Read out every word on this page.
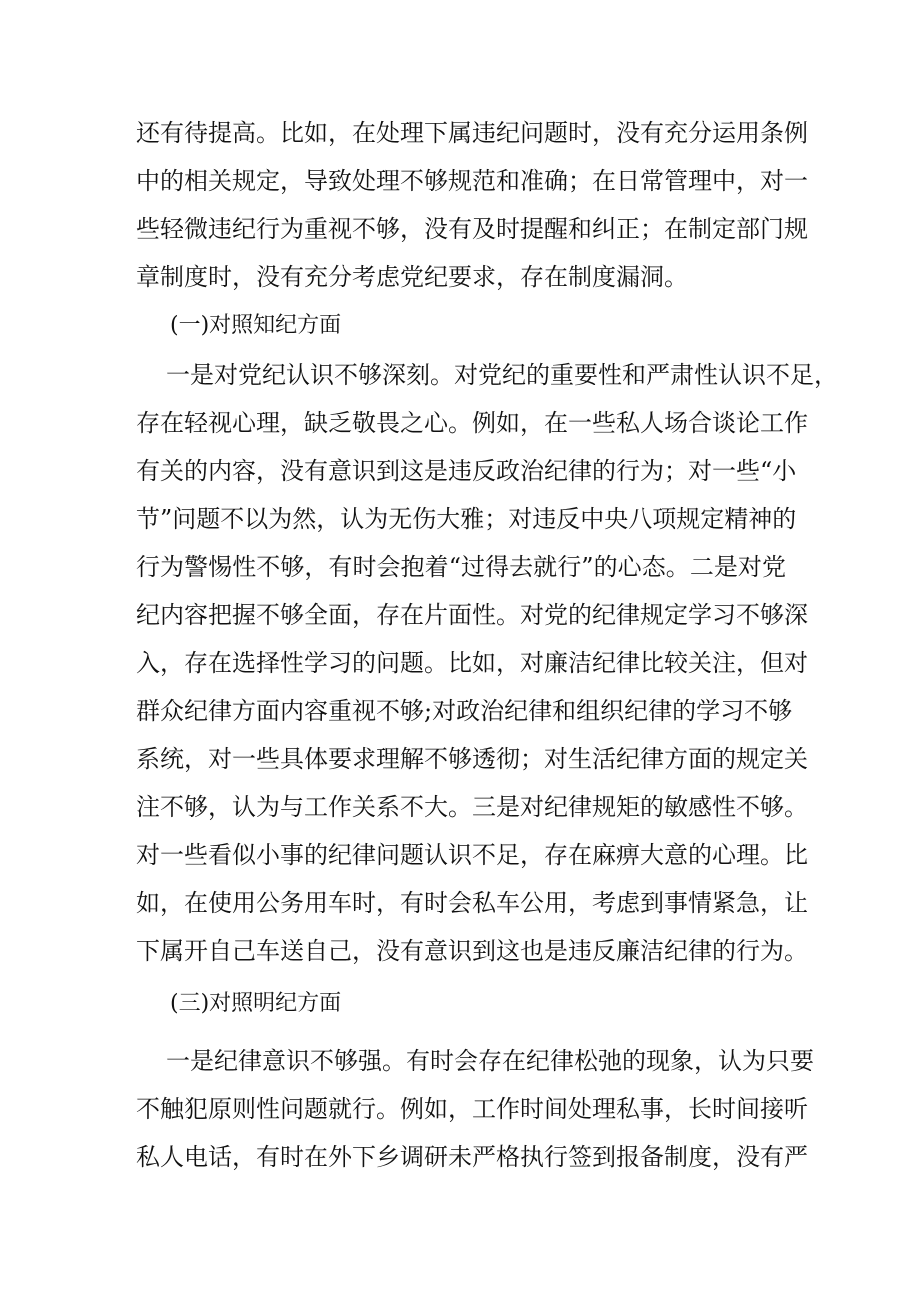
还有待提高。比如，在处理下属违纪问题时，没有充分运用条例
中的相关规定，导致处理不够规范和准确；在日常管理中，对一
些轻微违纪行为重视不够，没有及时提醒和纠正；在制定部门规
章制度时，没有充分考虑党纪要求，存在制度漏洞。
(一)对照知纪方面
一是对党纪认识不够深刻。对党纪的重要性和严肃性认识不足，
存在轻视心理，缺乏敬畏之心。例如，在一些私人场合谈论工作
有关的内容，没有意识到这是违反政治纪律的行为；对一些“小
节”问题不以为然，认为无伤大雅；对违反中央八项规定精神的
行为警惕性不够，有时会抱着“过得去就行”的心态。二是对党
纪内容把握不够全面，存在片面性。对党的纪律规定学习不够深
入，存在选择性学习的问题。比如，对廉洁纪律比较关注，但对
群众纪律方面内容重视不够;对政治纪律和组织纪律的学习不够
系统，对一些具体要求理解不够透彻；对生活纪律方面的规定关
注不够，认为与工作关系不大。三是对纪律规矩的敏感性不够。
对一些看似小事的纪律问题认识不足，存在麻痹大意的心理。比
如，在使用公务用车时，有时会私车公用，考虑到事情紧急，让
下属开自己车送自己，没有意识到这也是违反廉洁纪律的行为。
(三)对照明纪方面
一是纪律意识不够强。有时会存在纪律松弛的现象，认为只要
不触犯原则性问题就行。例如，工作时间处理私事，长时间接听
私人电话，有时在外下乡调研未严格执行签到报备制度，没有严
